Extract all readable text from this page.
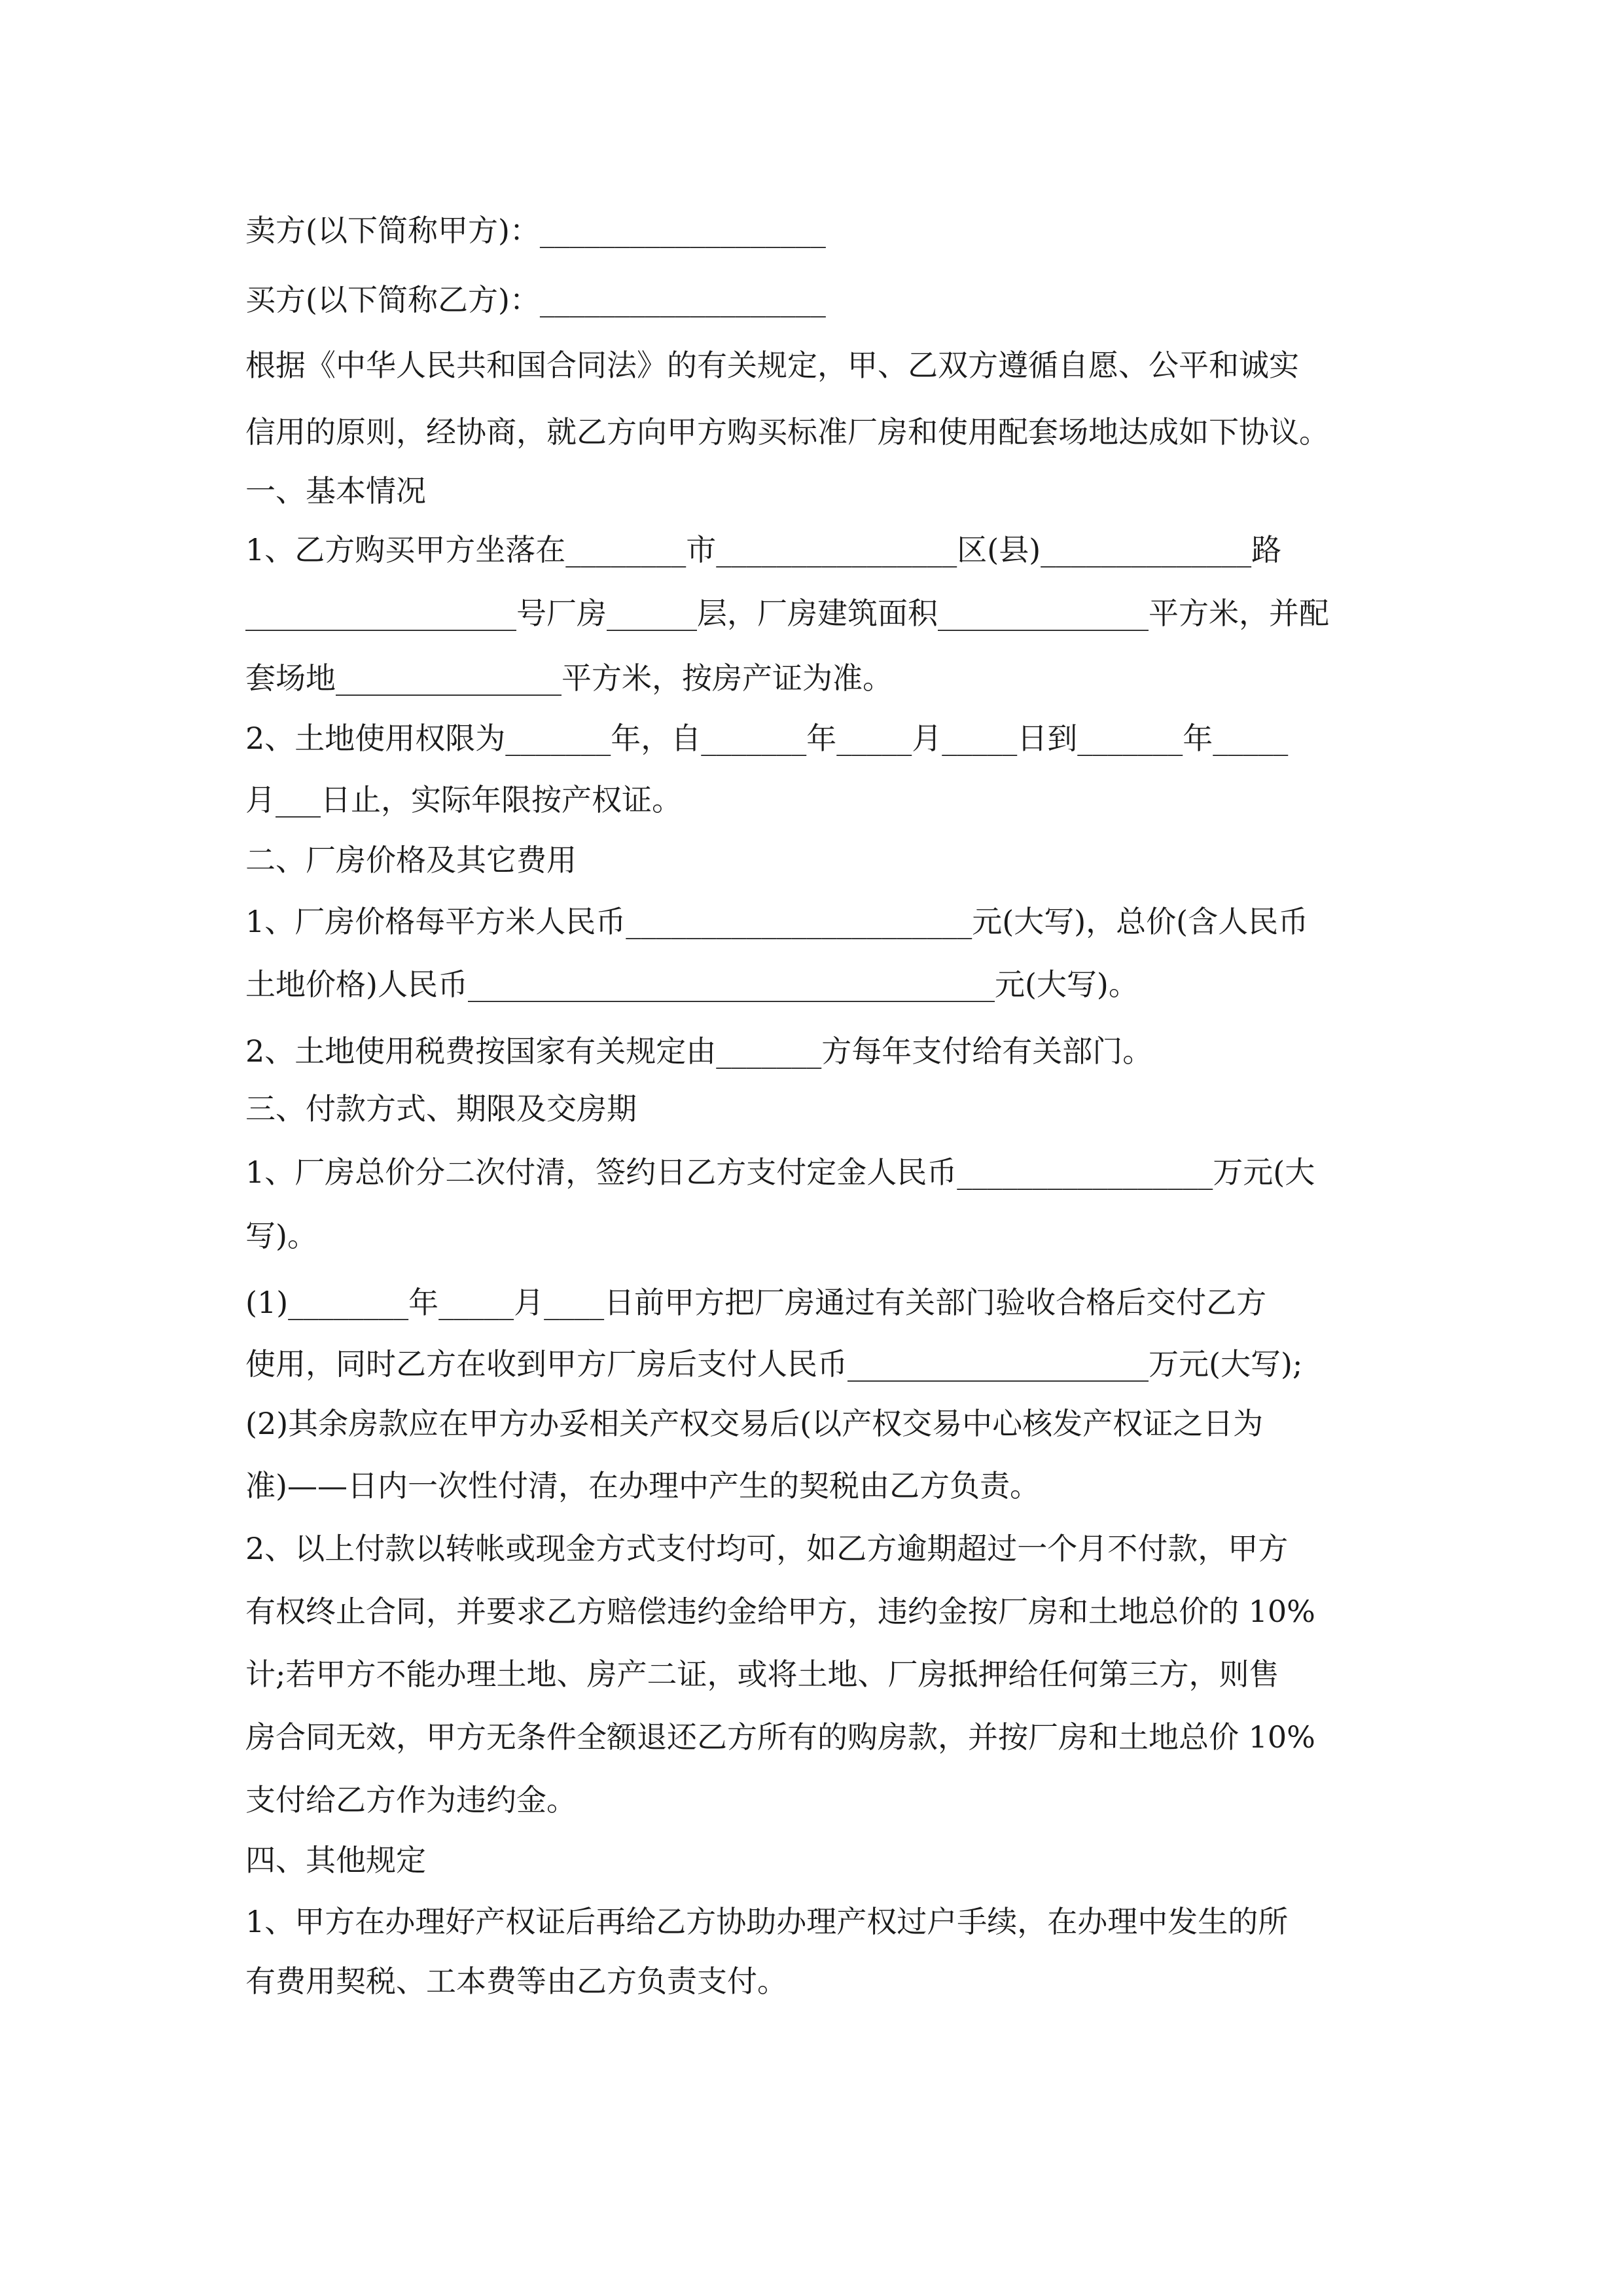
卖方(以下简称甲方)：___________________
买方(以下简称乙方)：___________________
根据《中华人民共和国合同法》的有关规定，甲、乙双方遵循自愿、公平和诚实
信用的原则，经协商，就乙方向甲方购买标准厂房和使用配套场地达成如下协议。
一、基本情况
1、乙方购买甲方坐落在________市________________区(县)______________路
__________________号厂房______层，厂房建筑面积______________平方米，并配
套场地_______________平方米，按房产证为准。
2、土地使用权限为_______年，自_______年_____月_____日到_______年_____
月___日止，实际年限按产权证。
二、厂房价格及其它费用
1、厂房价格每平方米人民币_______________________元(大写)，总价(含人民币
土地价格)人民币___________________________________元(大写)。
2、土地使用税费按国家有关规定由_______方每年支付给有关部门。
三、付款方式、期限及交房期
1、厂房总价分二次付清，签约日乙方支付定金人民币_________________万元(大
写)。
(1)________年_____月____日前甲方把厂房通过有关部门验收合格后交付乙方
使用，同时乙方在收到甲方厂房后支付人民币____________________万元(大写);
(2)其余房款应在甲方办妥相关产权交易后(以产权交易中心核发产权证之日为
准)——日内一次性付清，在办理中产生的契税由乙方负责。
2、以上付款以转帐或现金方式支付均可，如乙方逾期超过一个月不付款，甲方
有权终止合同，并要求乙方赔偿违约金给甲方，违约金按厂房和土地总价的 10%
计;若甲方不能办理土地、房产二证，或将土地、厂房抵押给任何第三方，则售
房合同无效，甲方无条件全额退还乙方所有的购房款，并按厂房和土地总价 10%
支付给乙方作为违约金。
四、其他规定
1、甲方在办理好产权证后再给乙方协助办理产权过户手续，在办理中发生的所
有费用契税、工本费等由乙方负责支付。
